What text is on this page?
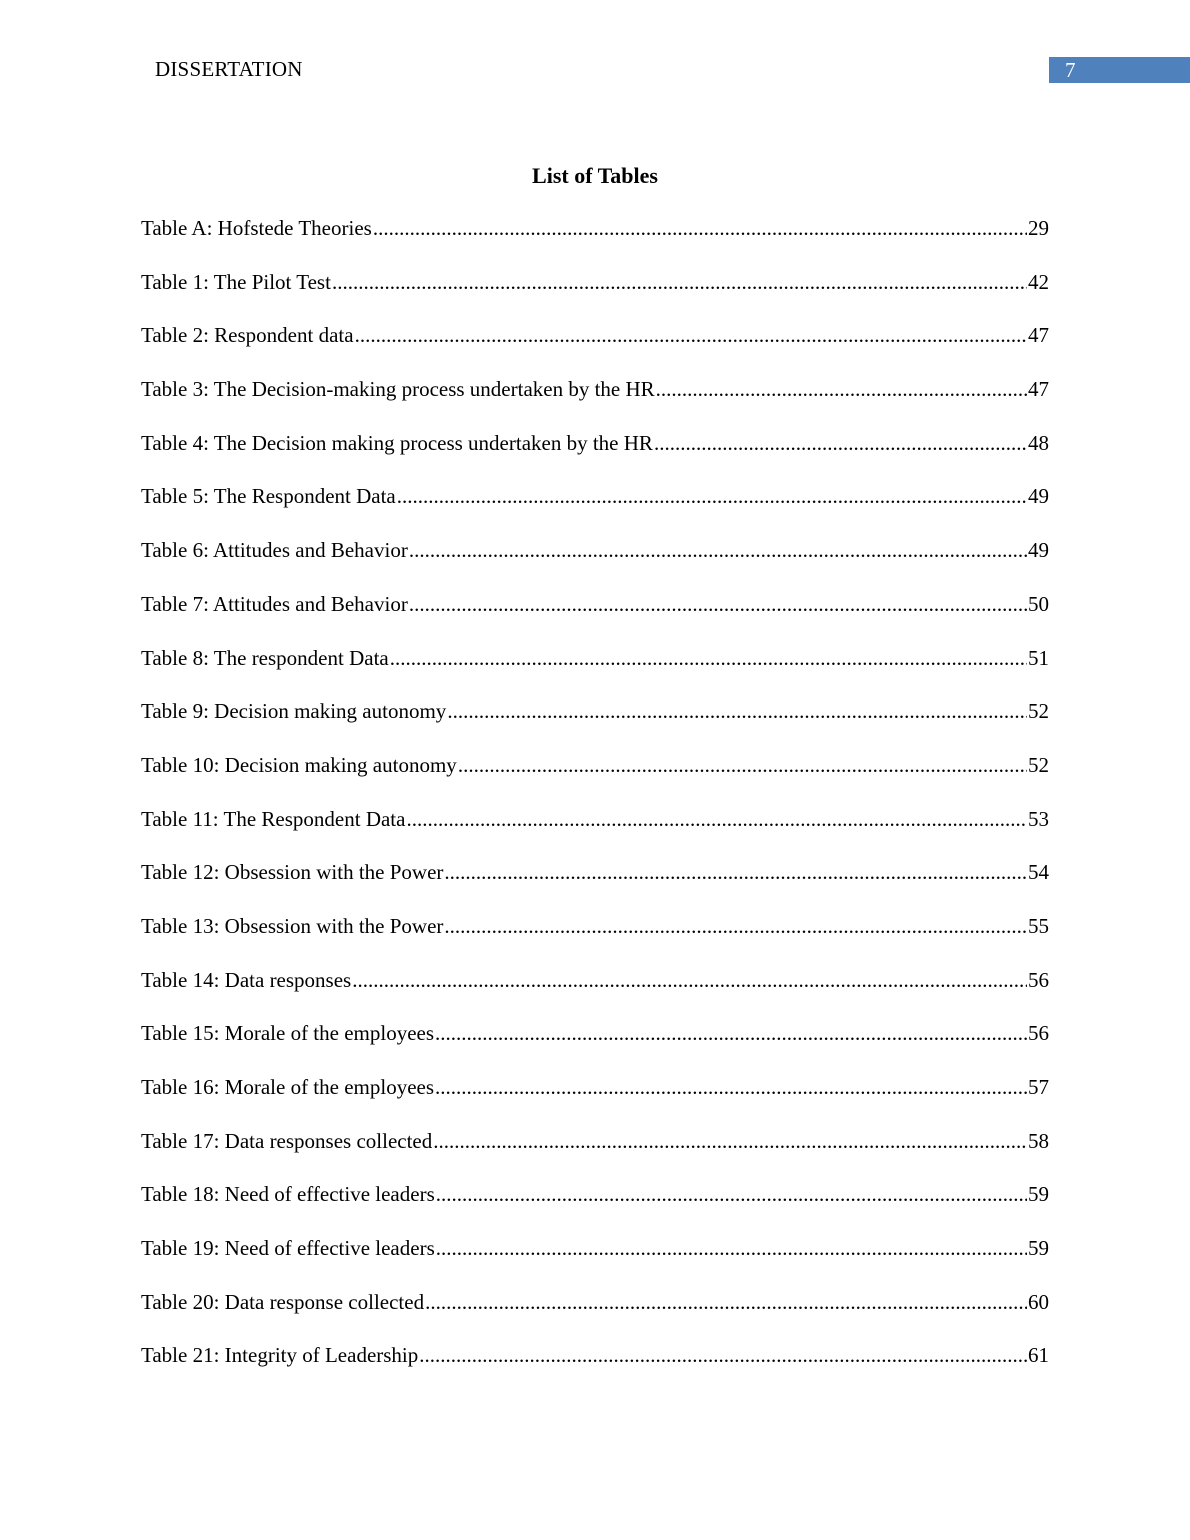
DISSERTATION	7
List of Tables
Table A: Hofstede Theories .....	29
Table 1: The Pilot Test .....	42
Table 2: Respondent data .....	47
Table 3: The Decision-making process undertaken by the HR .....	47
Table 4: The Decision making process undertaken by the HR .....	48
Table 5: The Respondent Data .....	49
Table 6: Attitudes and Behavior .....	49
Table 7: Attitudes and Behavior .....	50
Table 8: The respondent Data .....	51
Table 9: Decision making autonomy .....	52
Table 10: Decision making autonomy .....	52
Table 11: The Respondent Data .....	53
Table 12: Obsession with the Power .....	54
Table 13: Obsession with the Power .....	55
Table 14: Data responses .....	56
Table 15: Morale of the employees .....	56
Table 16: Morale of the employees .....	57
Table 17: Data responses collected .....	58
Table 18: Need of effective leaders .....	59
Table 19: Need of effective leaders .....	59
Table 20: Data response collected .....	60
Table 21: Integrity of Leadership .....	61
